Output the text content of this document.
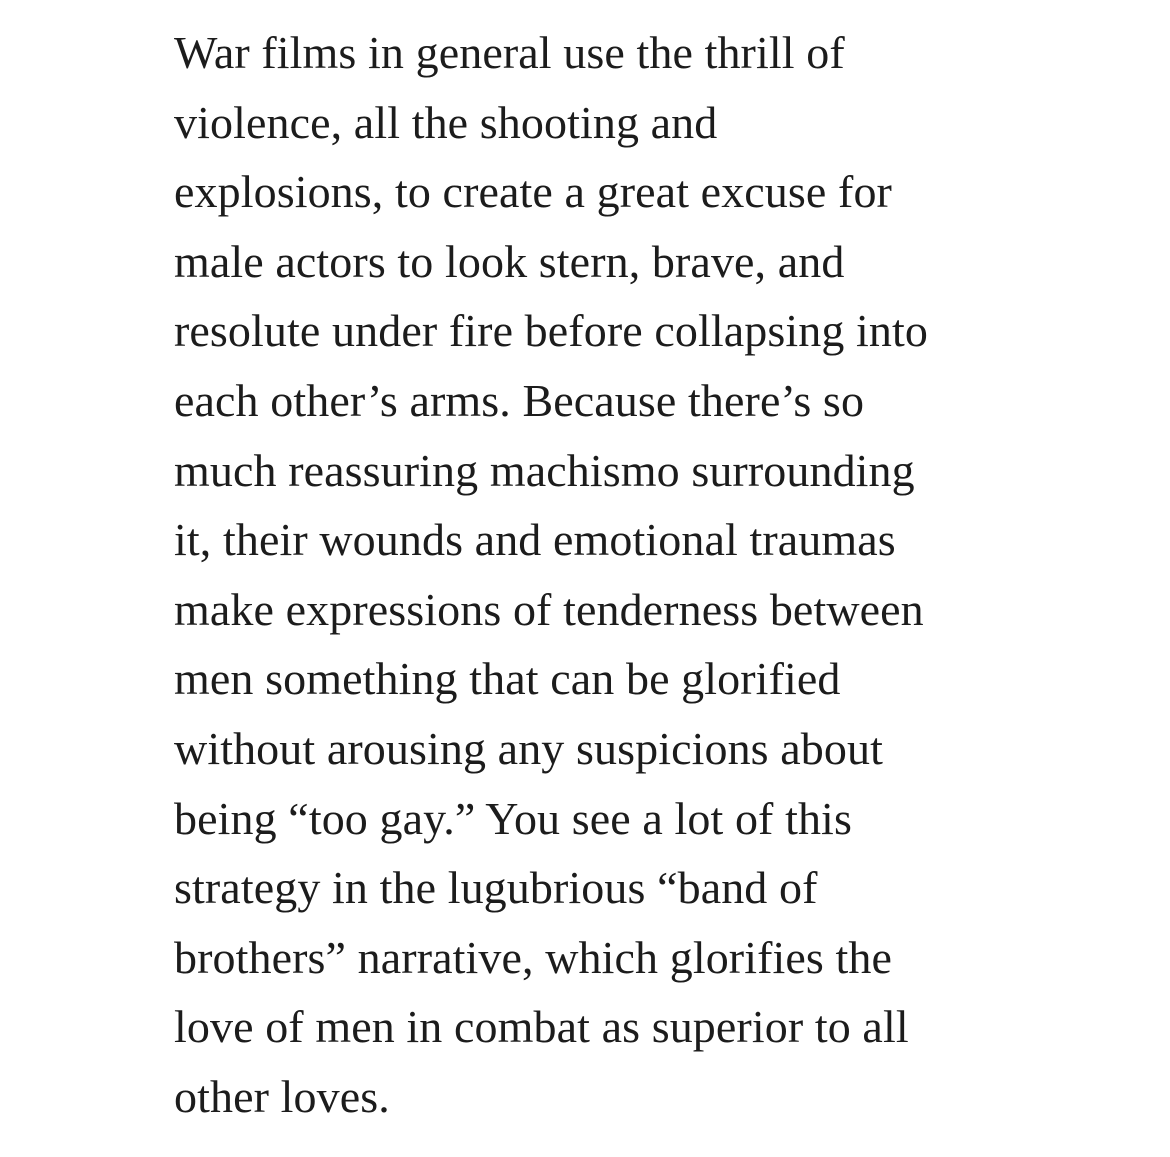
War films in general use the thrill of
violence, all the shooting and
explosions, to create a great excuse for
male actors to look stern, brave, and
resolute under fire before collapsing into
each other’s arms. Because there’s so
much reassuring machismo surrounding
it, their wounds and emotional traumas
make expressions of tenderness between
men something that can be glorified
without arousing any suspicions about
being “too gay.” You see a lot of this
strategy in the lugubrious “band of
brothers” narrative, which glorifies the
love of men in combat as superior to all
other loves.
